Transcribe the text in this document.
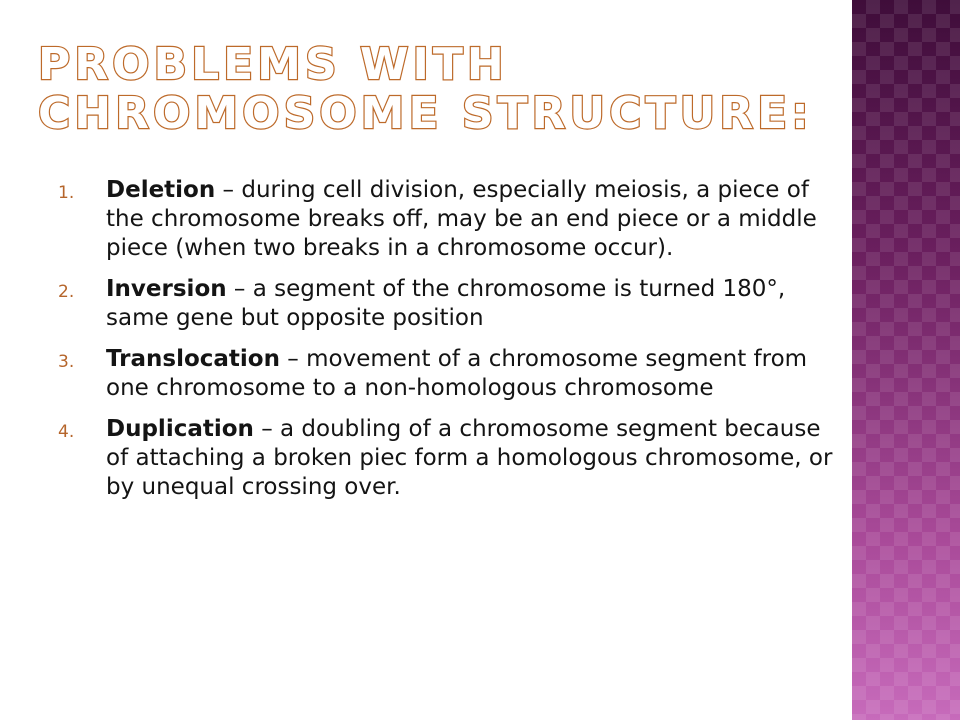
PROBLEMS WITH CHROMOSOME STRUCTURE:
1. Deletion – during cell division, especially meiosis, a piece of the chromosome breaks off, may be an end piece or a middle piece (when two breaks in a chromosome occur).
2. Inversion – a segment of the chromosome is turned 180°, same gene but opposite position
3. Translocation – movement of a chromosome segment from one chromosome to a non-homologous chromosome
4. Duplication – a doubling of a chromosome segment because of attaching a broken piec form a homologous chromosome, or by unequal crossing over.
